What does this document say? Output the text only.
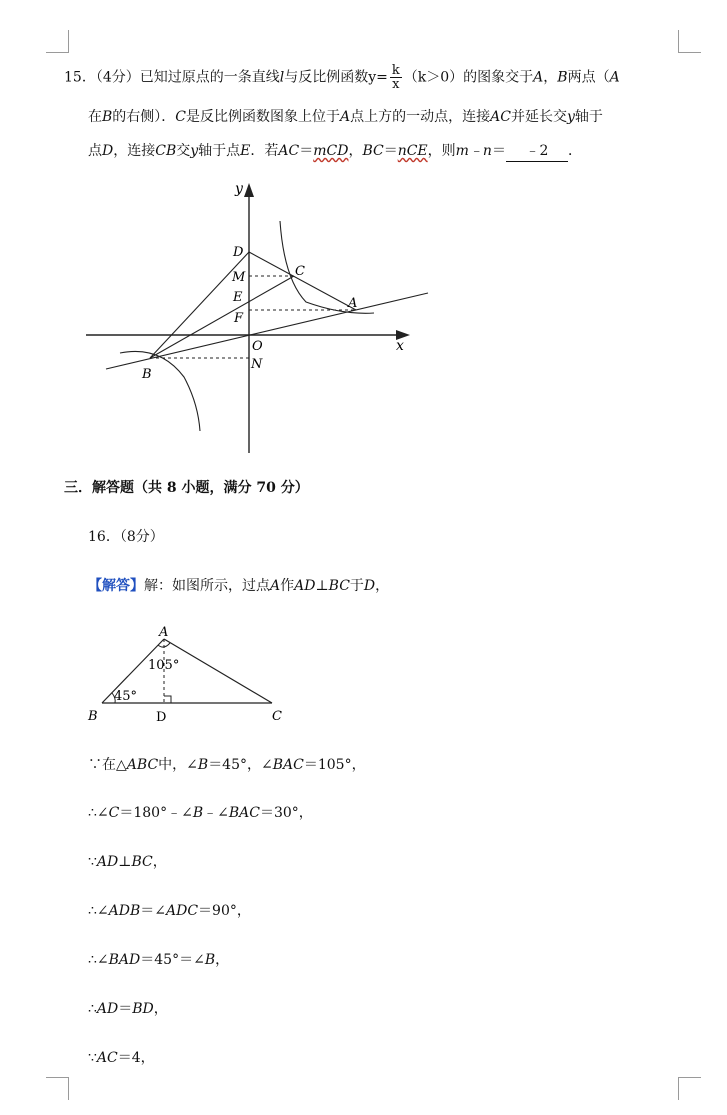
15．（4分）已知过原点的一条直线l与反比例函数$y= \frac{k}{x} (k>0)$的图象交于A，B两点（A
在B的右侧）．C是反比例函数图象上位于A点上方的一动点，连接AC并延长交y轴于
点D，连接CB交y轴于点E．若AC＝mCD，BC＝nCE，则m﹣n＝ ﹣2 ．
y
x
O
D
M
E
F
N
C
A
B
三．解答题（共 8 小题，满分 70 分）
16．（8分）
【解答】解：如图所示，过点A作AD⊥BC于D，
A
B	C
D
105°
45°
∵在△ABC中，∠B＝45°，∠BAC＝105°，
∴∠C＝180°﹣∠B﹣∠BAC＝30°，
∵AD⊥BC，
∴∠ADB＝∠ADC＝90°，
∴∠BAD＝45°＝∠B，
∴AD＝BD，
∵AC＝4，
